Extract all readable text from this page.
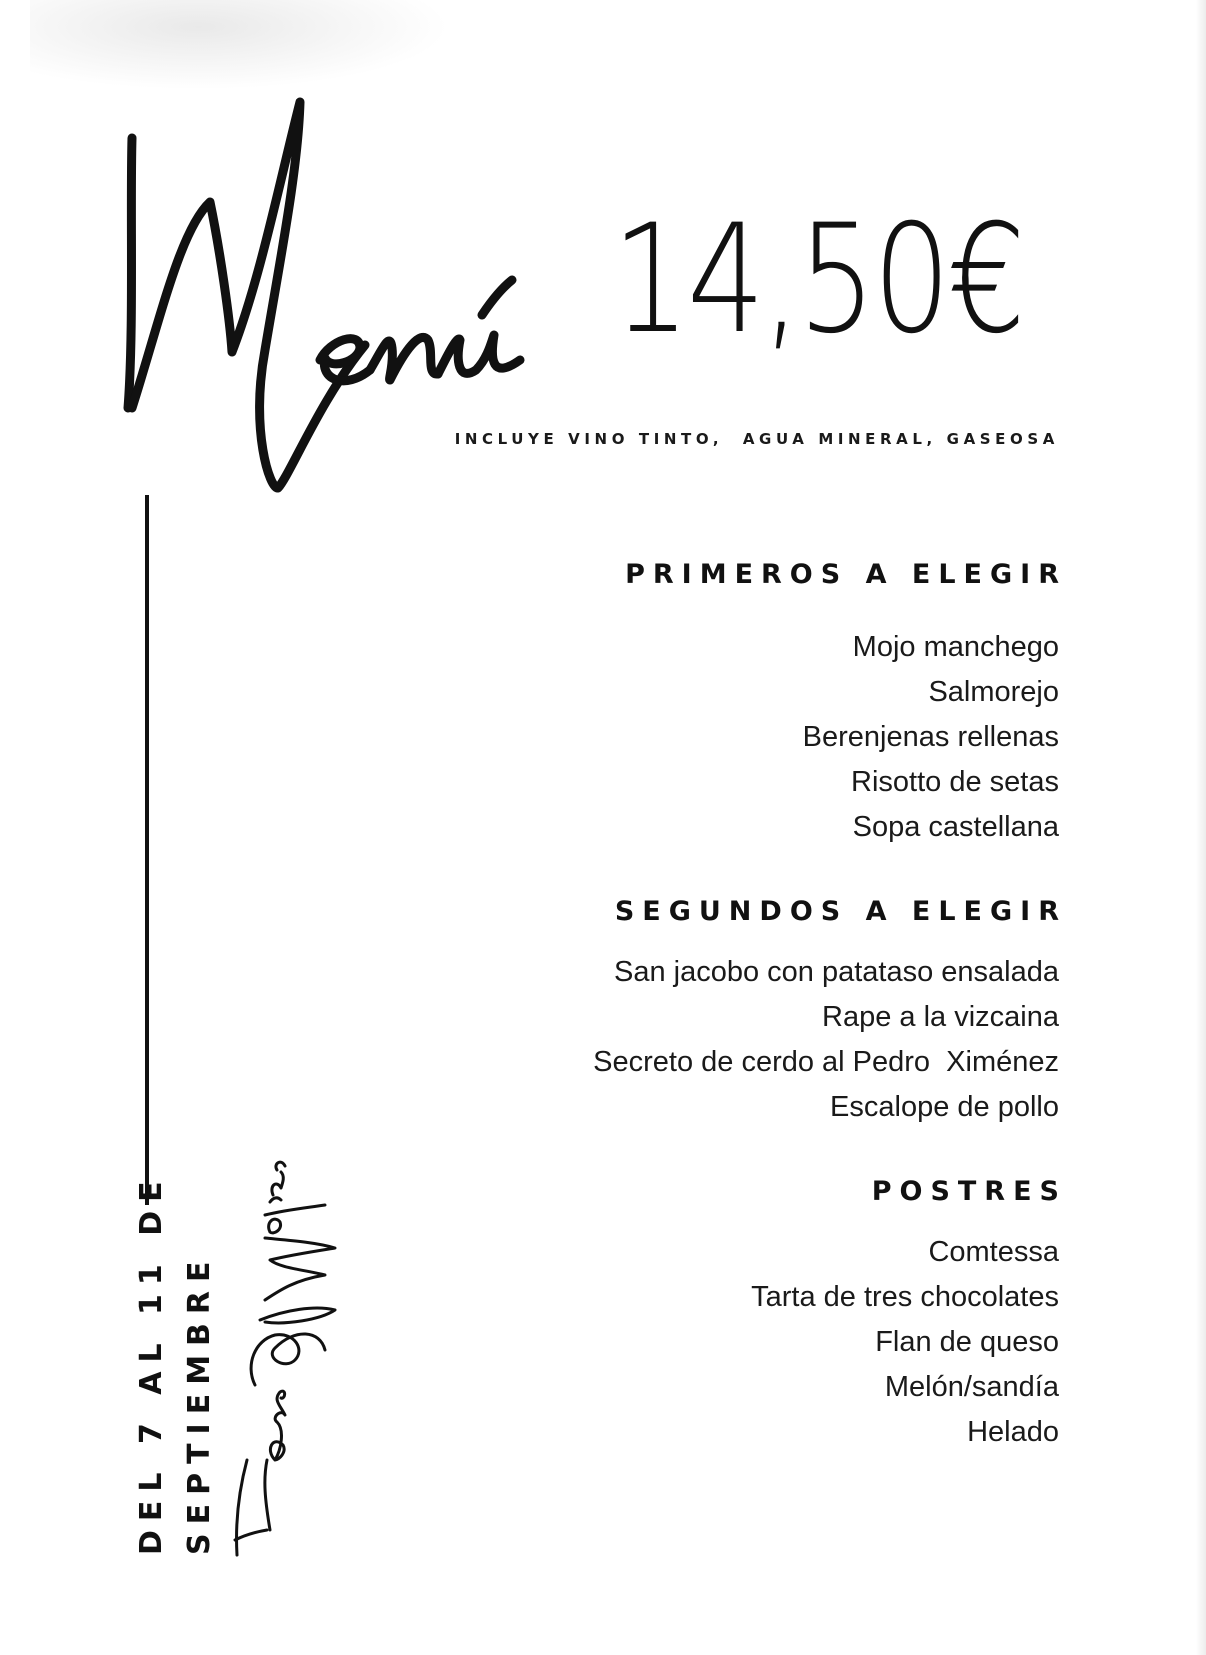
14,50€
INCLUYE VINO TINTO,  AGUA MINERAL, GASEOSA
DEL 7 AL 11 DE SEPTIEMBRE
PRIMEROS A ELEGIR
Mojo manchego
Salmorejo
Berenjenas rellenas
Risotto de setas
Sopa castellana
SEGUNDOS A ELEGIR
San jacobo con patataso ensalada
Rape a la vizcaina
Secreto de cerdo al Pedro  Ximénez
Escalope de pollo
POSTRES
Comtessa
Tarta de tres chocolates
Flan de queso
Melón/sandía
Helado
